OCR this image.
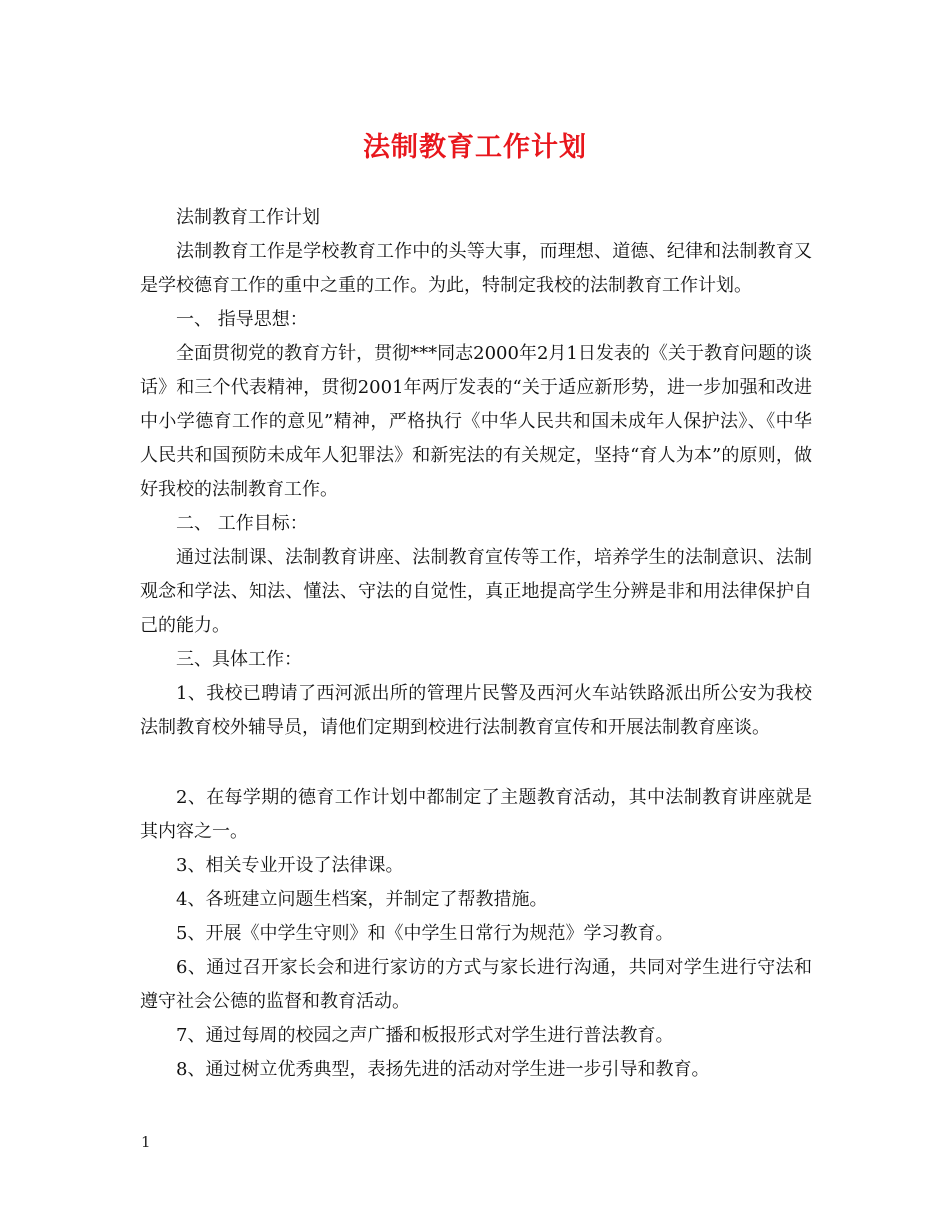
法制教育工作计划

法制教育工作计划

法制教育工作是学校教育工作中的头等大事，而理想、道德、纪律和法制教育又是学校德育工作的重中之重的工作。为此，特制定我校的法制教育工作计划。

一、 指导思想：

全面贯彻党的教育方针，贯彻***同志2000年2月1日发表的《关于教育问题的谈话》和三个代表精神，贯彻2001年两厅发表的“关于适应新形势，进一步加强和改进中小学德育工作的意见”精神，严格执行《中华人民共和国未成年人保护法》、《中华人民共和国预防未成年人犯罪法》和新宪法的有关规定，坚持“育人为本”的原则，做好我校的法制教育工作。

二、 工作目标：

通过法制课、法制教育讲座、法制教育宣传等工作，培养学生的法制意识、法制观念和学法、知法、懂法、守法的自觉性，真正地提高学生分辨是非和用法律保护自己的能力。

三、具体工作：

1、我校已聘请了西河派出所的管理片民警及西河火车站铁路派出所公安为我校法制教育校外辅导员，请他们定期到校进行法制教育宣传和开展法制教育座谈。

2、在每学期的德育工作计划中都制定了主题教育活动，其中法制教育讲座就是其内容之一。

3、相关专业开设了法律课。

4、各班建立问题生档案，并制定了帮教措施。

5、开展《中学生守则》和《中学生日常行为规范》学习教育。

6、通过召开家长会和进行家访的方式与家长进行沟通，共同对学生进行守法和遵守社会公德的监督和教育活动。

7、通过每周的校园之声广播和板报形式对学生进行普法教育。

8、通过树立优秀典型，表扬先进的活动对学生进一步引导和教育。

1
